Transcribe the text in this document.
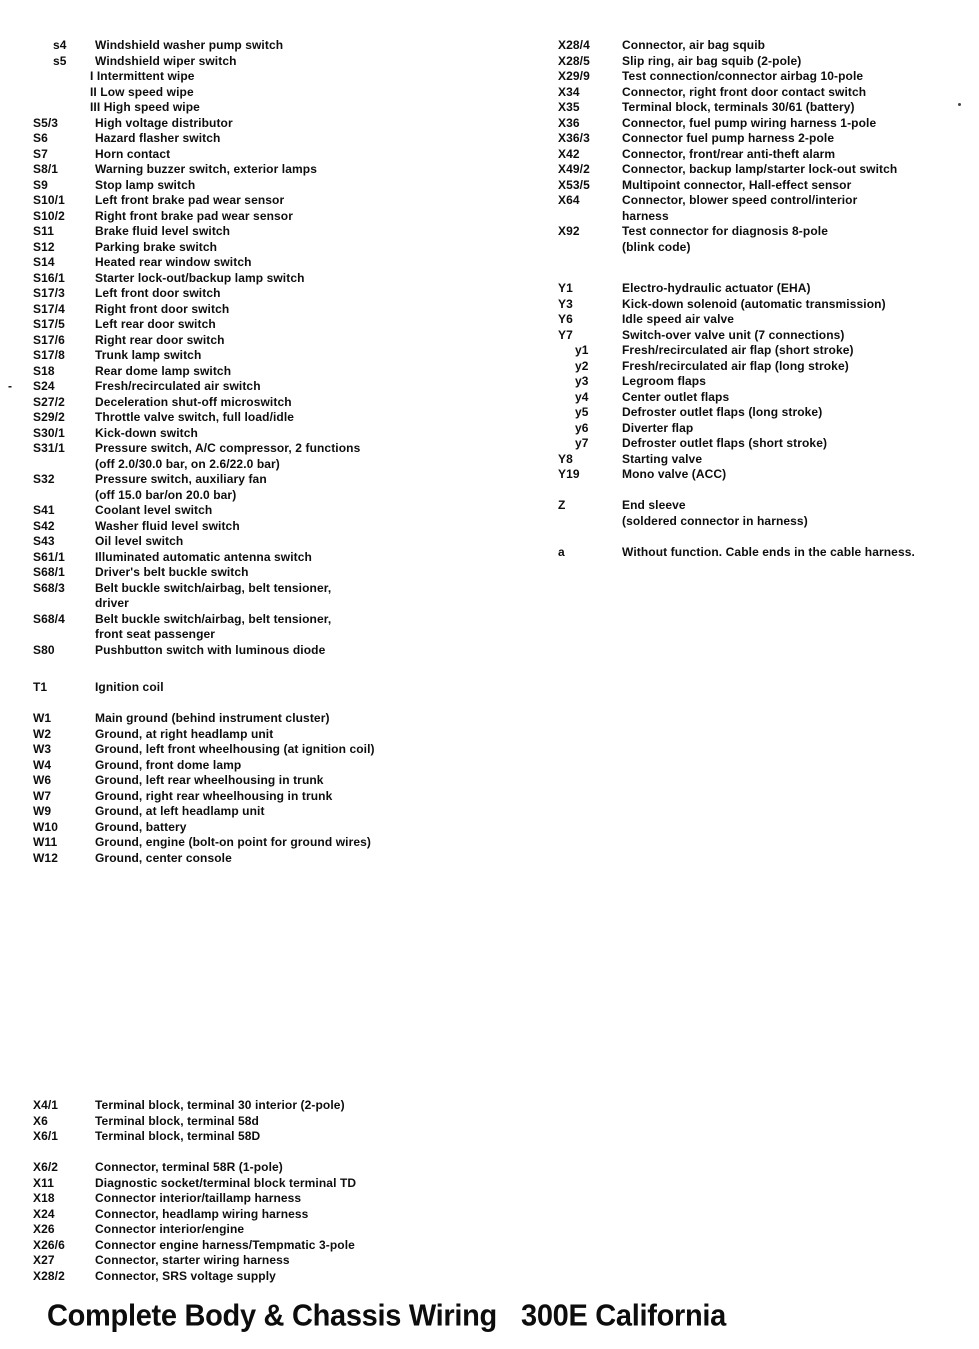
-
s4	Windshield washer pump switch
s5	Windshield wiper switch
I Intermittent wipe
II Low speed wipe
III High speed wipe
S5/3	High voltage distributor
S6	Hazard flasher switch
S7	Horn contact
S8/1	Warning buzzer switch, exterior lamps
S9	Stop lamp switch
S10/1	Left front brake pad wear sensor
S10/2	Right front brake pad wear sensor
S11	Brake fluid level switch
S12	Parking brake switch
S14	Heated rear window switch
S16/1	Starter lock-out/backup lamp switch
S17/3	Left front door switch
S17/4	Right front door switch
S17/5	Left rear door switch
S17/6	Right rear door switch
S17/8	Trunk lamp switch
S18	Rear dome lamp switch
S24	Fresh/recirculated air switch
S27/2	Deceleration shut-off microswitch
S29/2	Throttle valve switch, full load/idle
S30/1	Kick-down switch
S31/1	Pressure switch, A/C compressor, 2 functions
(off 2.0/30.0 bar, on 2.6/22.0 bar)
S32	Pressure switch, auxiliary fan
(off 15.0 bar/on 20.0 bar)
S41	Coolant level switch
S42	Washer fluid level switch
S43	Oil level switch
S61/1	Illuminated automatic antenna switch
S68/1	Driver's belt buckle switch
S68/3	Belt buckle switch/airbag, belt tensioner,
driver
S68/4	Belt buckle switch/airbag, belt tensioner,
front seat passenger
S80	Pushbutton switch with luminous diode
T1	Ignition coil
W1	Main ground (behind instrument cluster)
W2	Ground, at right headlamp unit
W3	Ground, left front wheelhousing (at ignition coil)
W4	Ground, front dome lamp
W6	Ground, left rear wheelhousing in trunk
W7	Ground, right rear wheelhousing in trunk
W9	Ground, at left headlamp unit
W10	Ground, battery
W11	Ground, engine (bolt-on point for ground wires)
W12	Ground, center console
X4/1	Terminal block, terminal 30 interior (2-pole)
X6	Terminal block, terminal 58d
X6/1	Terminal block, terminal 58D
X6/2	Connector, terminal 58R (1-pole)
X11	Diagnostic socket/terminal block terminal TD
X18	Connector interior/taillamp harness
X24	Connector, headlamp wiring harness
X26	Connector interior/engine
X26/6	Connector engine harness/Tempmatic 3-pole
X27	Connector, starter wiring harness
X28/2	Connector, SRS voltage supply
X28/4	Connector, air bag squib
X28/5	Slip ring, air bag squib (2-pole)
X29/9	Test connection/connector airbag 10-pole
X34	Connector, right front door contact switch
X35	Terminal block, terminals 30/61 (battery)
X36	Connector, fuel pump wiring harness 1-pole
X36/3	Connector fuel pump harness 2-pole
X42	Connector, front/rear anti-theft alarm
X49/2	Connector, backup lamp/starter lock-out switch
X53/5	Multipoint connector, Hall-effect sensor
X64	Connector, blower speed control/interior
harness
X92	Test connector for diagnosis 8-pole
(blink code)
Y1	Electro-hydraulic actuator (EHA)
Y3	Kick-down solenoid (automatic transmission)
Y6	Idle speed air valve
Y7	Switch-over valve unit (7 connections)
y1	Fresh/recirculated air flap (short stroke)
y2	Fresh/recirculated air flap (long stroke)
y3	Legroom flaps
y4	Center outlet flaps
y5	Defroster outlet flaps (long stroke)
y6	Diverter flap
y7	Defroster outlet flaps (short stroke)
Y8	Starting valve
Y19	Mono valve (ACC)
Z	End sleeve
(soldered connector in harness)
a	Without function. Cable ends in the cable harness.
Complete Body & Chassis Wiring 300E California
